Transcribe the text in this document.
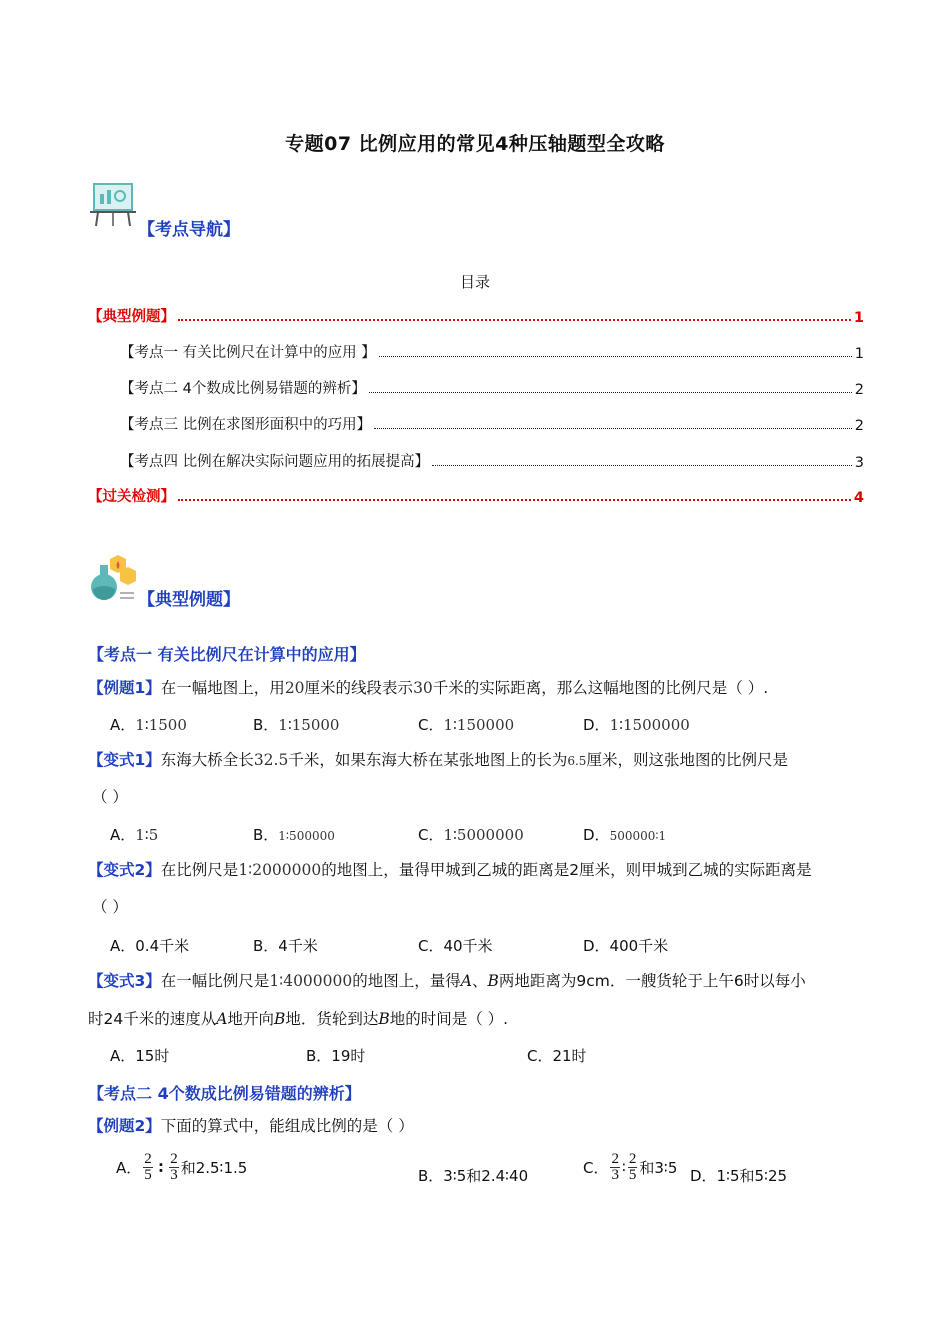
专题07 比例应用的常见4种压轴题型全攻略
【考点导航】
目录
【典型例题】	1
【考点一 有关比例尺在计算中的应用 】	1
【考点二 4个数成比例易错题的辨析】	2
【考点三 比例在求图形面积中的巧用】	2
【考点四 比例在解决实际问题应用的拓展提高】	3
【过关检测】	4
【典型例题】
【考点一 有关比例尺在计算中的应用】
【例题1】在一幅地图上，用20厘米的线段表示30千米的实际距离，那么这幅地图的比例尺是（ ）.
A．1∶1500	B．1∶15000	C．1∶150000	D．1∶1500000
【变式1】东海大桥全长32.5千米，如果东海大桥在某张地图上的长为6.5厘米，则这张地图的比例尺是
（ ）
A．1∶5	B．1∶500000	C．1∶5000000	D．500000∶1
【变式2】在比例尺是1∶2000000的地图上，量得甲城到乙城的距离是2厘米，则甲城到乙城的实际距离是
（ ）
A．0.4千米	B．4千米	C．40千米	D．400千米
【变式3】在一幅比例尺是1∶4000000的地图上，量得A、B两地距离为9cm．一艘货轮于上午6时以每小
时24千米的速度从A地开向B地．货轮到达B地的时间是（ ）.
A．15时	B．19时	C．21时
【考点二 4个数成比例易错题的辨析】
【例题2】下面的算式中，能组成比例的是（ ）
A． $\frac{2}{5}$ ∶ $\frac{2}{3}$ 和2.5∶1.5	B．3∶5和2.4∶40	C． $\frac{2}{3}$ ∶ $\frac{2}{5}$ 和3∶5 D．1∶5和5∶25
